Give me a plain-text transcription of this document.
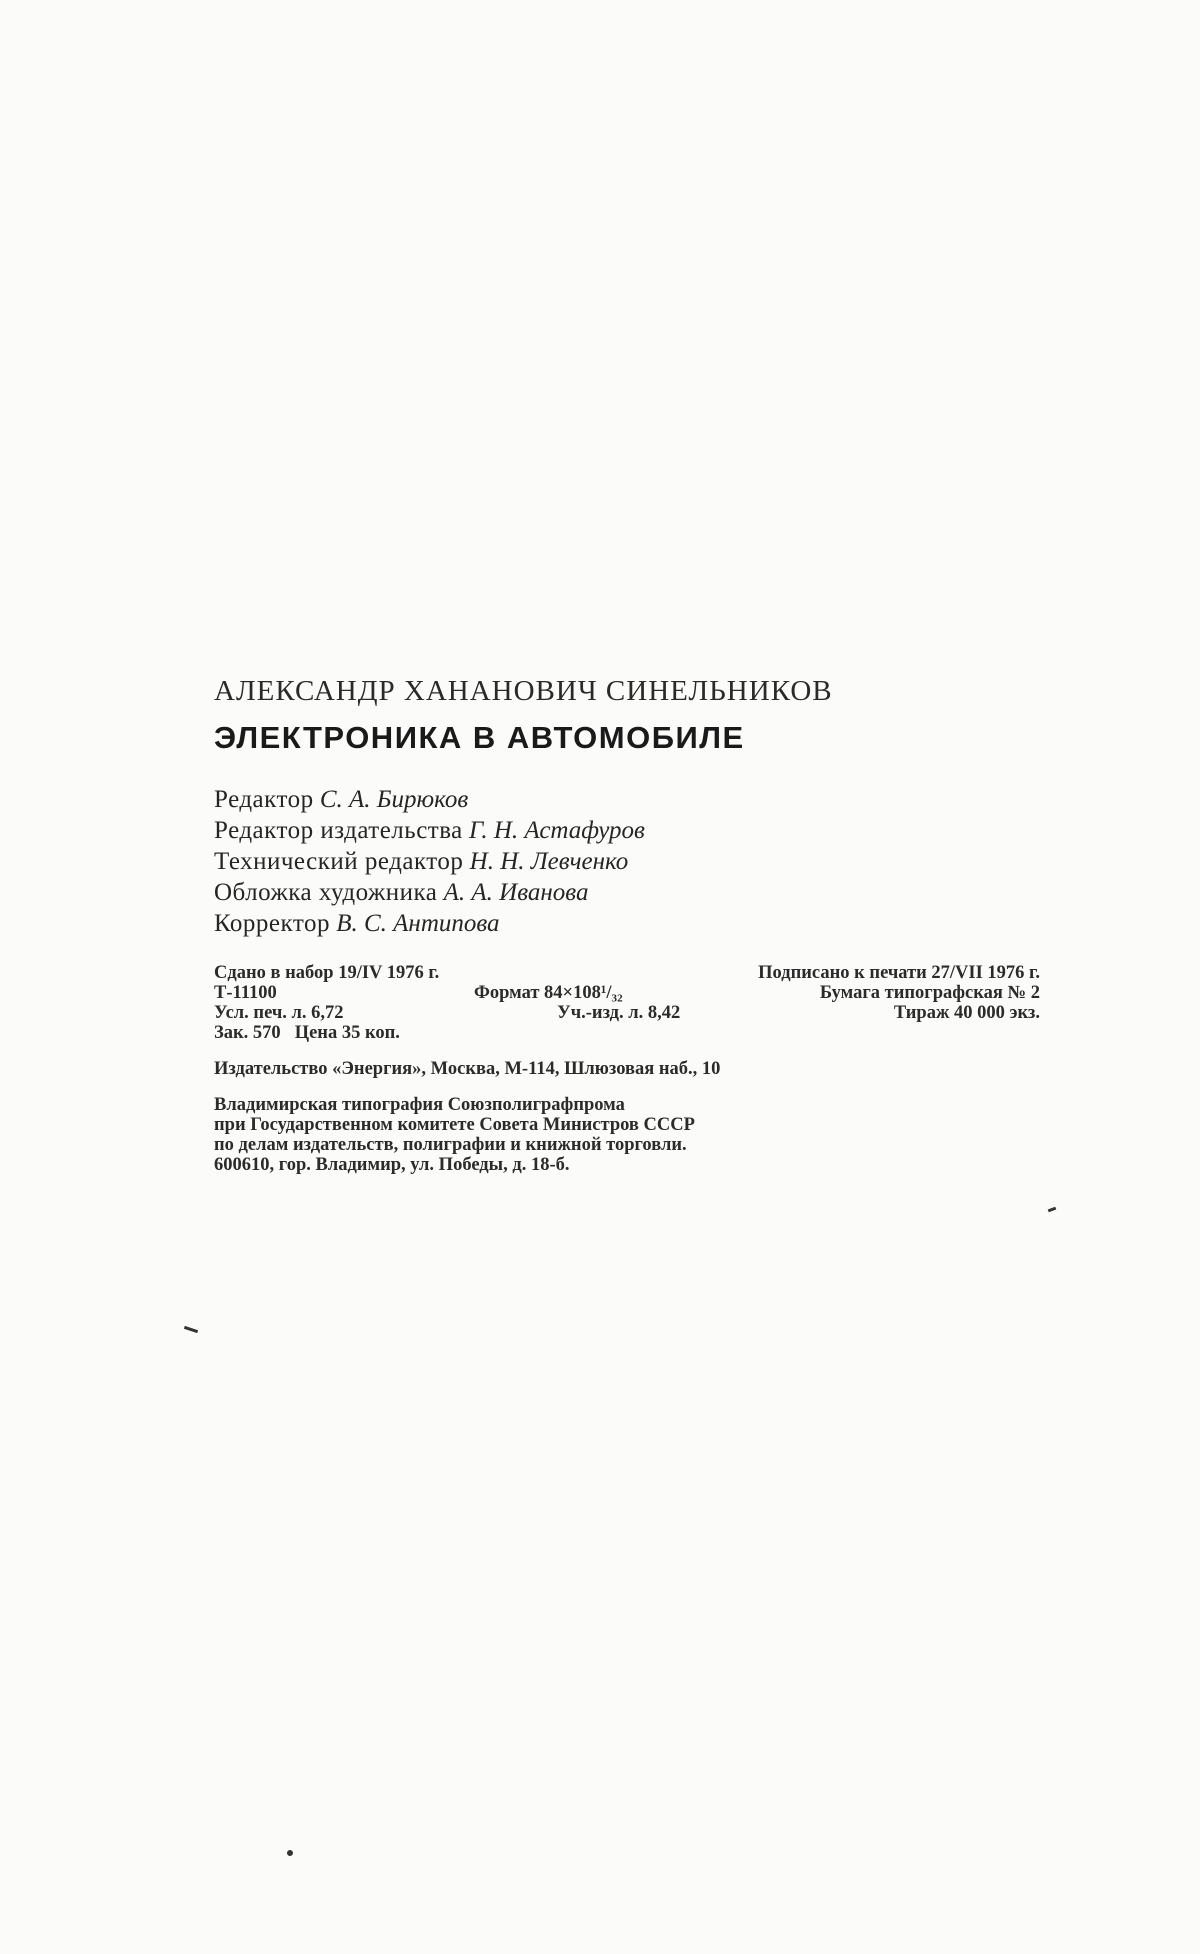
АЛЕКСАНДР ХАНАНОВИЧ СИНЕЛЬНИКОВ
ЭЛЕКТРОНИКА В АВТОМОБИЛЕ
Редактор С. А. Бирюков
Редактор издательства Г. Н. Астафуров
Технический редактор Н. Н. Левченко
Обложка художника А. А. Иванова
Корректор В. С. Антипова
Сдано в набор 19/IV 1976 г.	Подписано к печати 27/VII 1976 г.
Т-11100	Формат 84×108¹/₃₂	Бумага типографская № 2
Усл. печ. л. 6,72	Уч.-изд. л. 8,42	Тираж 40 000 экз.
Зак. 570 Цена 35 коп.
Издательство «Энергия», Москва, М-114, Шлюзовая наб., 10
Владимирская типография Союзполиграфпрома
при Государственном комитете Совета Министров СССР
по делам издательств, полиграфии и книжной торговли.
600610, гор. Владимир, ул. Победы, д. 18-б.
